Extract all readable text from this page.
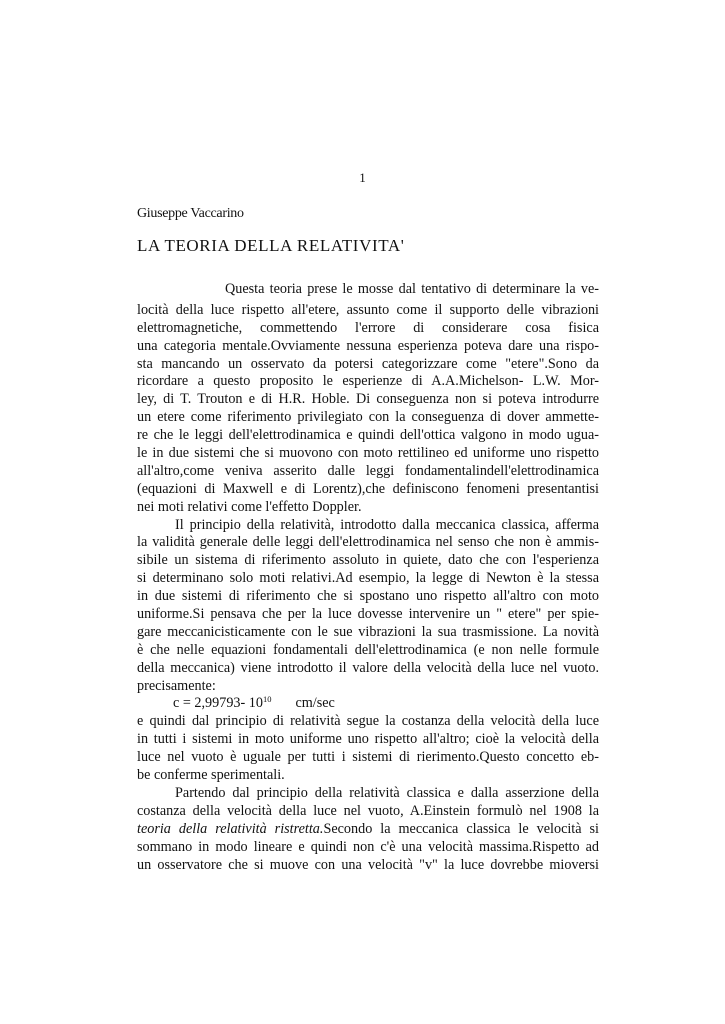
1
Giuseppe Vaccarino
LA TEORIA DELLA RELATIVITA'
Questa teoria prese le mosse dal tentativo di determinare la ve-
locità della luce rispetto all'etere, assunto come il supporto delle vibrazioni
elettromagnetiche, commettendo l'errore di considerare cosa fisica
una categoria mentale.Ovviamente nessuna esperienza poteva dare una rispo-
sta mancando un osservato da potersi categorizzare come "etere".Sono da
ricordare a questo proposito le esperienze di A.A.Michelson- L.W. Mor-
ley, di T. Trouton e di H.R. Hoble. Di conseguenza non si poteva introdurre
un etere come riferimento privilegiato con la conseguenza di dover ammette-
re che le leggi dell'elettrodinamica e quindi dell'ottica valgono in modo ugua-
le in due sistemi che si muovono con moto rettilineo ed uniforme uno rispetto
all'altro,come veniva asserito dalle leggi fondamentalindell'elettrodinamica
(equazioni di Maxwell e di Lorentz),che definiscono fenomeni presentantisi
nei moti relativi come l'effetto Doppler.
Il principio della relatività, introdotto dalla meccanica classica, afferma
la validità generale delle leggi dell'elettrodinamica nel senso che non è ammis-
sibile un sistema di riferimento assoluto in quiete, dato che con l'esperienza
si determinano solo moti relativi.Ad esempio, la legge di Newton è la stessa
in due sistemi di riferimento che si spostano uno rispetto all'altro con moto
uniforme.Si pensava che per la luce dovesse intervenire un " etere" per spie-
gare meccanicisticamente con le sue vibrazioni la sua trasmissione. La novità
è che nelle equazioni fondamentali dell'elettrodinamica (e non nelle formule
della meccanica) viene introdotto il valore della velocità della luce nel vuoto.
precisamente:
c = 2,99793- $10^{10}$ cm/sec
e quindi dal principio di relatività segue la costanza della velocità della luce
in tutti i sistemi in moto uniforme uno rispetto all'altro; cioè la velocità della
luce nel vuoto è uguale per tutti i sistemi di rierimento.Questo concetto eb-
be conferme sperimentali.
Partendo dal principio della relatività classica e dalla asserzione della
costanza della velocità della luce nel vuoto, A.Einstein formulò nel 1908 la
teoria della relatività ristretta.Secondo la meccanica classica le velocità si
sommano in modo lineare e quindi non c'è una velocità massima.Rispetto ad
un osservatore che si muove con una velocità "v" la luce dovrebbe mioversi
